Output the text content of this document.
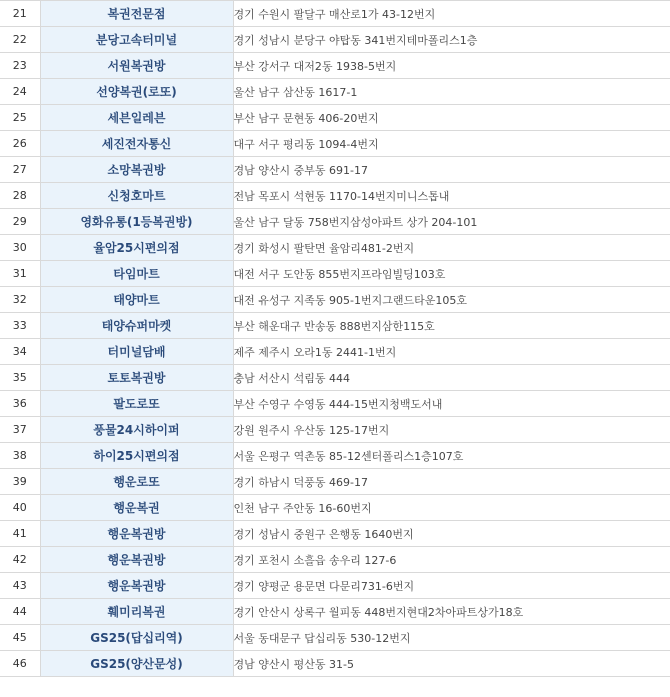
21	복권전문점	경기 수원시 팔달구 매산로1가 43-12번지
22	분당고속터미널	경기 성남시 분당구 야탑동 341번지테마폴리스1층
23	서원복권방	부산 강서구 대저2동 1938-5번지
24	선양복권(로또)	울산 남구 삼산동 1617-1
25	세븐일레븐	부산 남구 문현동 406-20번지
26	세진전자통신	대구 서구 평리동 1094-4번지
27	소망복권방	경남 양산시 중부동 691-17
28	신청호마트	전남 목포시 석현동 1170-14번지미니스톱내
29	영화유통(1등복권방)	울산 남구 달동 758번지삼성아파트 상가 204-101
30	율암25시편의점	경기 화성시 팔탄면 율암리481-2번지
31	타임마트	대전 서구 도안동 855번지프라임빌딩103호
32	태양마트	대전 유성구 지족동 905-1번지그랜드타운105호
33	태양슈퍼마켓	부산 해운대구 반송동 888번지삼한115호
34	터미널담배	제주 제주시 오라1동 2441-1번지
35	토토복권방	충남 서산시 석림동 444
36	팔도로또	부산 수영구 수영동 444-15번지청백도서내
37	풍물24시하이퍼	강원 원주시 우산동 125-17번지
38	하이25시편의점	서울 은평구 역촌동 85-12센터폴리스1층107호
39	행운로또	경기 하남시 덕풍동 469-17
40	행운복권	인천 남구 주안동 16-60번지
41	행운복권방	경기 성남시 중원구 은행동 1640번지
42	행운복권방	경기 포천시 소흘읍 송우리 127-6
43	행운복권방	경기 양평군 용문면 다문리731-6번지
44	훼미리복권	경기 안산시 상록구 월피동 448번지현대2차아파트상가18호
45	GS25(답십리역)	서울 동대문구 답십리동 530-12번지
46	GS25(양산문성)	경남 양산시 평산동 31-5
